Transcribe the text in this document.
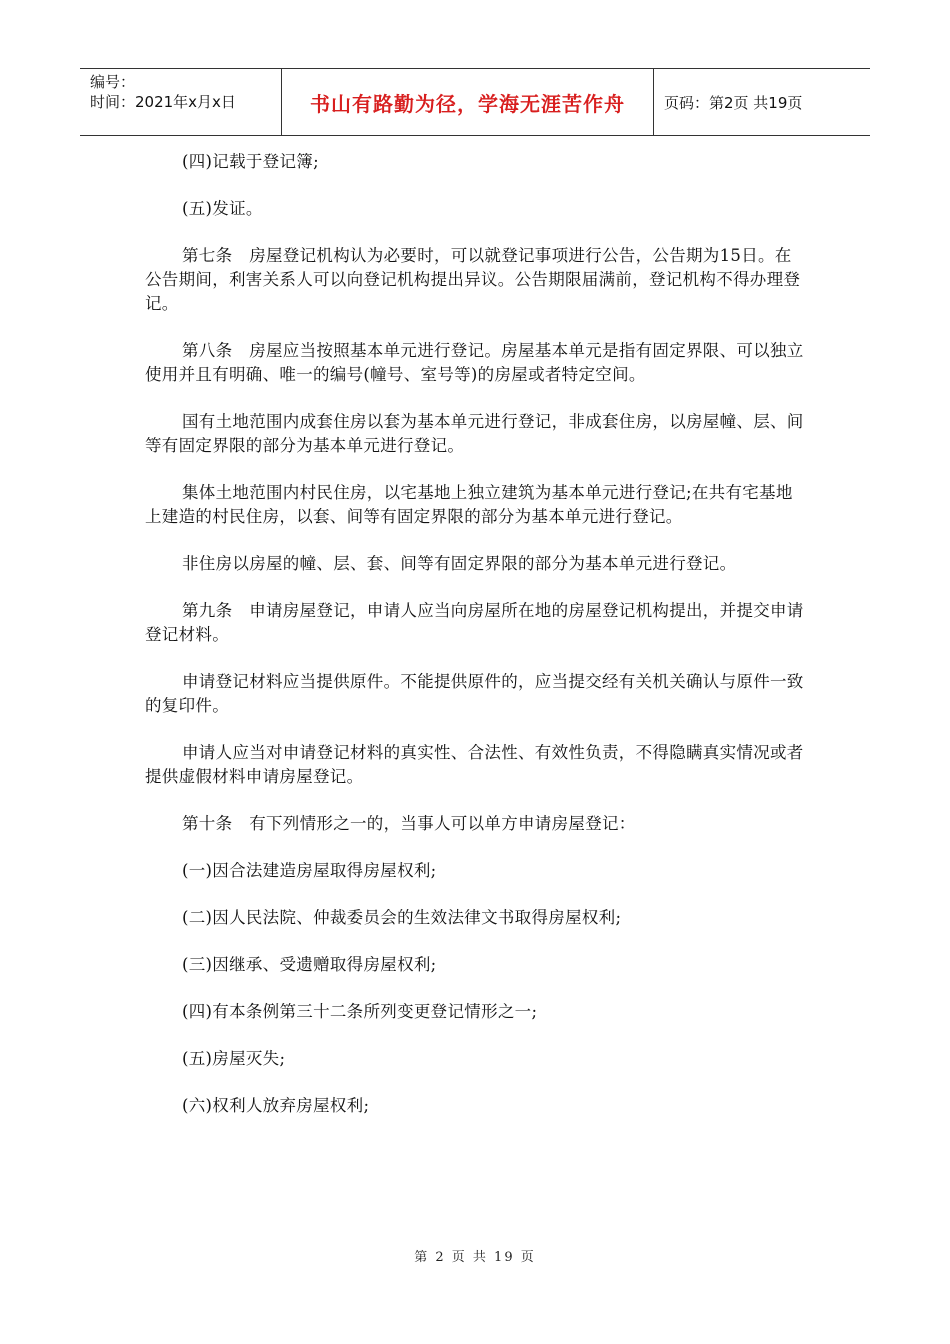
编号：
时间：2021年x月x日	书山有路勤为径，学海无涯苦作舟	页码：第2页 共19页

(四)记载于登记簿;

(五)发证。

第七条　房屋登记机构认为必要时，可以就登记事项进行公告，公告期为15日。在公告期间，利害关系人可以向登记机构提出异议。公告期限届满前，登记机构不得办理登记。

第八条　房屋应当按照基本单元进行登记。房屋基本单元是指有固定界限、可以独立使用并且有明确、唯一的编号(幢号、室号等)的房屋或者特定空间。

国有土地范围内成套住房以套为基本单元进行登记，非成套住房，以房屋幢、层、间等有固定界限的部分为基本单元进行登记。

集体土地范围内村民住房，以宅基地上独立建筑为基本单元进行登记;在共有宅基地上建造的村民住房，以套、间等有固定界限的部分为基本单元进行登记。

非住房以房屋的幢、层、套、间等有固定界限的部分为基本单元进行登记。

第九条　申请房屋登记，申请人应当向房屋所在地的房屋登记机构提出，并提交申请登记材料。

申请登记材料应当提供原件。不能提供原件的，应当提交经有关机关确认与原件一致的复印件。

申请人应当对申请登记材料的真实性、合法性、有效性负责，不得隐瞒真实情况或者提供虚假材料申请房屋登记。

第十条　有下列情形之一的，当事人可以单方申请房屋登记：

(一)因合法建造房屋取得房屋权利;

(二)因人民法院、仲裁委员会的生效法律文书取得房屋权利;

(三)因继承、受遗赠取得房屋权利;

(四)有本条例第三十二条所列变更登记情形之一;

(五)房屋灭失;

(六)权利人放弃房屋权利;

第 2 页 共 19 页
